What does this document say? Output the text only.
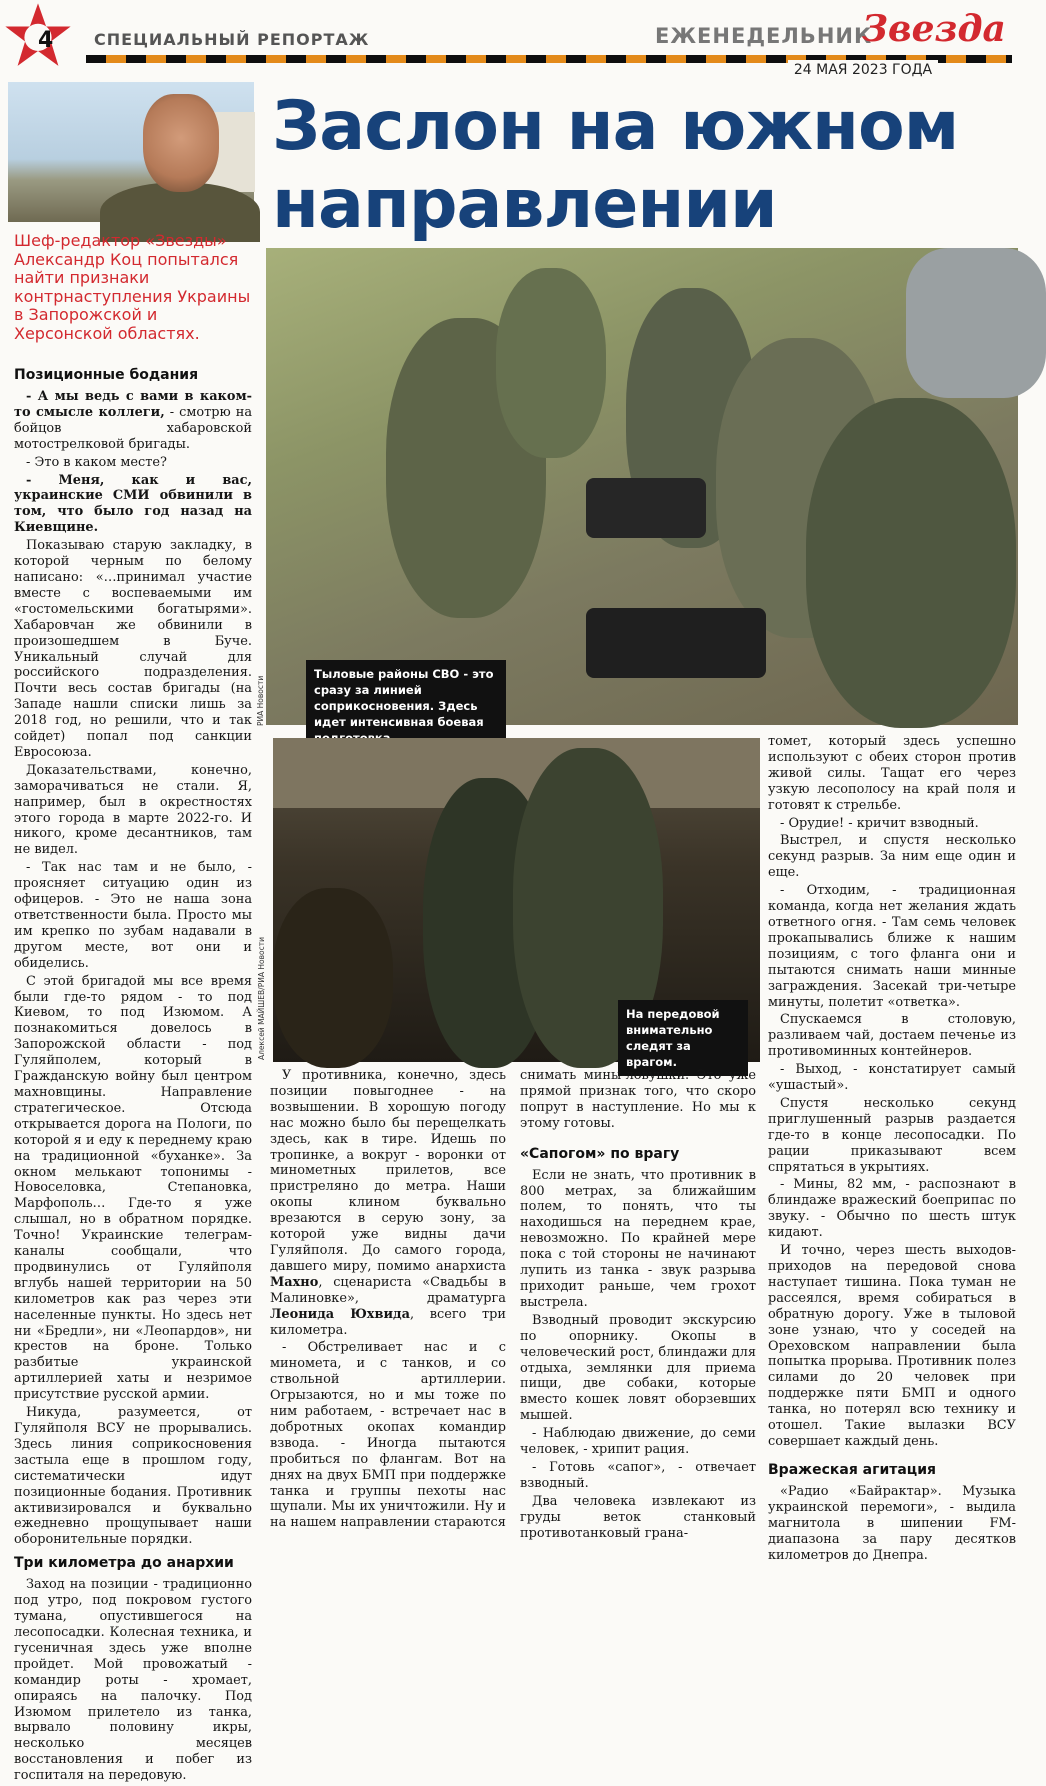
4	СПЕЦИАЛЬНЫЙ РЕПОРТАЖ	ЕЖЕНЕДЕЛЬНИК
Звезда
24 МАЯ 2023 ГОДА
Заслон на южном направлении
Шеф-редактор «Звезды» Александр Коц попытался найти признаки контрнаступления Украины в Запорожской и Херсонской областях.
Тыловые районы СВО - это сразу за линией соприкосновения. Здесь идет интенсивная боевая
РИА Новости
На передовой внимательно следят за врагом.
Алексей МАЙШЕВ/РИА Новости
Позиционные бодания

- А мы ведь с вами в каком-то смысле коллеги, - смотрю на бойцов хабаровской мотострелковой бригады.

- Это в каком месте?

- Меня, как и вас, украинские СМИ обвинили в том, что было год назад на Киевщине.

Показываю старую закладку, в которой черным по белому написано: «…принимал участие вместе с воспеваемыми им «гостомельскими богатырями». Хабаровчан же обвинили в произошедшем в Буче. Уникальный случай для российского подразделения. Почти весь состав бригады (на Западе нашли списки лишь за 2018 год, но решили, что и так сойдет) попал под санкции Евросоюза.

Доказательствами, конечно, заморачиваться не стали. Я, например, был в окрестностях этого города в марте 2022-го. И никого, кроме десантников, там не видел.

- Так нас там и не было, - проясняет ситуацию один из офицеров. - Это не наша зона ответственности была. Просто мы им крепко по зубам надавали в другом месте, вот они и обиделись.

С этой бригадой мы все время были где-то рядом - то под Киевом, то под Изюмом. А познакомиться довелось в Запорожской области - под Гуляйполем, который в Гражданскую войну был центром махновщины. Направление стратегическое. Отсюда открывается дорога на Пологи, по которой я и еду к переднему краю на традиционной «буханке». За окном мелькают топонимы - Новоселовка, Степановка, Марфополь… Где-то я уже слышал, но в обратном порядке. Точно! Украинские телеграм-каналы сообщали, что продвинулись от Гуляйполя вглубь нашей территории на 50 километров как раз через эти населенные пункты. Но здесь нет ни «Бредли», ни «Леопардов», ни крестов на броне. Только разбитые украинской артиллерией хаты и незримое присутствие русской армии.

Никуда, разумеется, от Гуляйполя ВСУ не прорывались. Здесь линия соприкосновения застыла еще в прошлом году, систематически идут позиционные бодания. Противник активизировался и буквально ежедневно прощупывает наши оборонительные порядки.

Три километра до анархии

Заход на позиции - традиционно под утро, под покровом густого тумана, опустившегося на лесопосадки. Колесная техника, и гусеничная здесь уже вполне пройдет. Мой провожатый - командир роты - хромает, опираясь на палочку. Под Изюмом прилетело из танка, вырвало половину икры, несколько месяцев восстановления и побег из госпиталя на передовую.

У противника, конечно, здесь позиции повыгоднее - на возвышении. В хорошую погоду нас можно было бы перещелкать здесь, как в тире. Идешь по тропинке, а вокруг - воронки от минометных прилетов, все пристреляно до метра. Наши окопы клином буквально врезаются в серую зону, за которой уже видны дачи Гуляйполя. До самого города, давшего миру, помимо анархиста Махно, сценариста «Свадьбы в Малиновке», драматурга Леонида Юхвида, всего три километра.

- Обстреливает нас и с миномета, и с танков, и со ствольной артиллерии. Огрызаются, но и мы тоже по ним работаем, - встречает нас в добротных окопах командир взвода. - Иногда пытаются пробиться по флангам. Вот на днях на двух БМП при поддержке танка и группы пехоты нас щупали. Мы их уничтожили. Ну и на нашем направлении стараются

снимать мины-ловушки. Это уже прямой признак того, что скоро попрут в наступление. Но мы к этому готовы.

«Сапогом» по врагу

Если не знать, что противник в 800 метрах, за ближайшим полем, то понять, что ты находишься на переднем крае, невозможно. По крайней мере пока с той стороны не начинают лупить из танка - звук разрыва приходит раньше, чем грохот выстрела.

Взводный проводит экскурсию по опорнику. Окопы в человеческий рост, блиндажи для отдыха, землянки для приема пищи, две собаки, которые вместо кошек ловят оборзевших мышей.

- Наблюдаю движение, до семи человек, - хрипит рация.

- Готовь «сапог», - отвечает взводный.

Два человека извлекают из груды веток станковый противотанковый грана-

томет, который здесь успешно используют с обеих сторон против живой силы. Тащат его через узкую лесополосу на край поля и готовят к стрельбе.

- Орудие! - кричит взводный.

Выстрел, и спустя несколько секунд разрыв. За ним еще один и еще.

- Отходим, - традиционная команда, когда нет желания ждать ответного огня. - Там семь человек прокапывались ближе к нашим позициям, с того фланга они и пытаются снимать наши минные заграждения. Засекай три-четыре минуты, полетит «ответка».

Спускаемся в столовую, разливаем чай, достаем печенье из противоминных контейнеров.

- Выход, - констатирует самый «ушастый».

Спустя несколько секунд приглушенный разрыв раздается где-то в конце лесопосадки. По рации приказывают всем спрятаться в укрытиях.

- Мины, 82 мм, - распознают в блиндаже вражеский боеприпас по звуку. - Обычно по шесть штук кидают.

И точно, через шесть выходов-приходов на передовой снова наступает тишина. Пока туман не рассеялся, время собираться в обратную дорогу. Уже в тыловой зоне узнаю, что у соседей на Ореховском направлении была попытка прорыва. Противник полез силами до 20 человек при поддержке пяти БМП и одного танка, но потерял всю технику и отошел. Такие вылазки ВСУ совершает каждый день.

Вражеская агитация

«Радио «Байрактар». Музыка украинской перемоги», - выдила магнитола в шипении FM-диапазона за пару десятков километров до Днепра.
